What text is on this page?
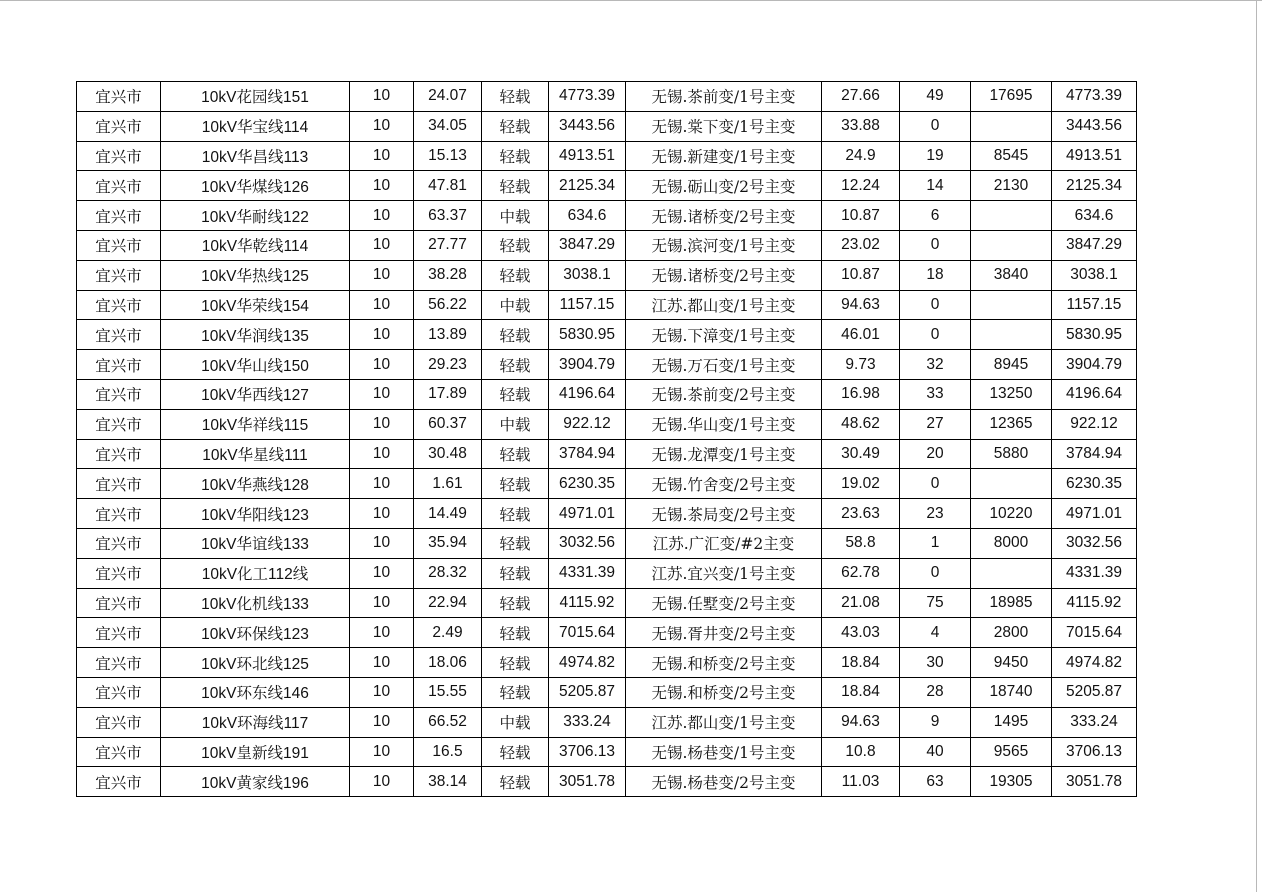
宜兴市	10kV花园线151	10	24.07	轻载	4773.39	无锡.茶前变/1号主变	27.66	49	17695	4773.39
宜兴市	10kV华宝线114	10	34.05	轻载	3443.56	无锡.棠下变/1号主变	33.88	0		3443.56
宜兴市	10kV华昌线113	10	15.13	轻载	4913.51	无锡.新建变/1号主变	24.9	19	8545	4913.51
宜兴市	10kV华煤线126	10	47.81	轻载	2125.34	无锡.砺山变/2号主变	12.24	14	2130	2125.34
宜兴市	10kV华耐线122	10	63.37	中载	634.6	无锡.诸桥变/2号主变	10.87	6		634.6
宜兴市	10kV华乾线114	10	27.77	轻载	3847.29	无锡.滨河变/1号主变	23.02	0		3847.29
宜兴市	10kV华热线125	10	38.28	轻载	3038.1	无锡.诸桥变/2号主变	10.87	18	3840	3038.1
宜兴市	10kV华荣线154	10	56.22	中载	1157.15	江苏.都山变/1号主变	94.63	0		1157.15
宜兴市	10kV华润线135	10	13.89	轻载	5830.95	无锡.下漳变/1号主变	46.01	0		5830.95
宜兴市	10kV华山线150	10	29.23	轻载	3904.79	无锡.万石变/1号主变	9.73	32	8945	3904.79
宜兴市	10kV华西线127	10	17.89	轻载	4196.64	无锡.茶前变/2号主变	16.98	33	13250	4196.64
宜兴市	10kV华祥线115	10	60.37	中载	922.12	无锡.华山变/1号主变	48.62	27	12365	922.12
宜兴市	10kV华星线111	10	30.48	轻载	3784.94	无锡.龙潭变/1号主变	30.49	20	5880	3784.94
宜兴市	10kV华燕线128	10	1.61	轻载	6230.35	无锡.竹舍变/2号主变	19.02	0		6230.35
宜兴市	10kV华阳线123	10	14.49	轻载	4971.01	无锡.茶局变/2号主变	23.63	23	10220	4971.01
宜兴市	10kV华谊线133	10	35.94	轻载	3032.56	江苏.广汇变/#2主变	58.8	1	8000	3032.56
宜兴市	10kV化工112线	10	28.32	轻载	4331.39	江苏.宜兴变/1号主变	62.78	0		4331.39
宜兴市	10kV化机线133	10	22.94	轻载	4115.92	无锡.任墅变/2号主变	21.08	75	18985	4115.92
宜兴市	10kV环保线123	10	2.49	轻载	7015.64	无锡.胥井变/2号主变	43.03	4	2800	7015.64
宜兴市	10kV环北线125	10	18.06	轻载	4974.82	无锡.和桥变/2号主变	18.84	30	9450	4974.82
宜兴市	10kV环东线146	10	15.55	轻载	5205.87	无锡.和桥变/2号主变	18.84	28	18740	5205.87
宜兴市	10kV环海线117	10	66.52	中载	333.24	江苏.都山变/1号主变	94.63	9	1495	333.24
宜兴市	10kV皇新线191	10	16.5	轻载	3706.13	无锡.杨巷变/1号主变	10.8	40	9565	3706.13
宜兴市	10kV黄家线196	10	38.14	轻载	3051.78	无锡.杨巷变/2号主变	11.03	63	19305	3051.78
